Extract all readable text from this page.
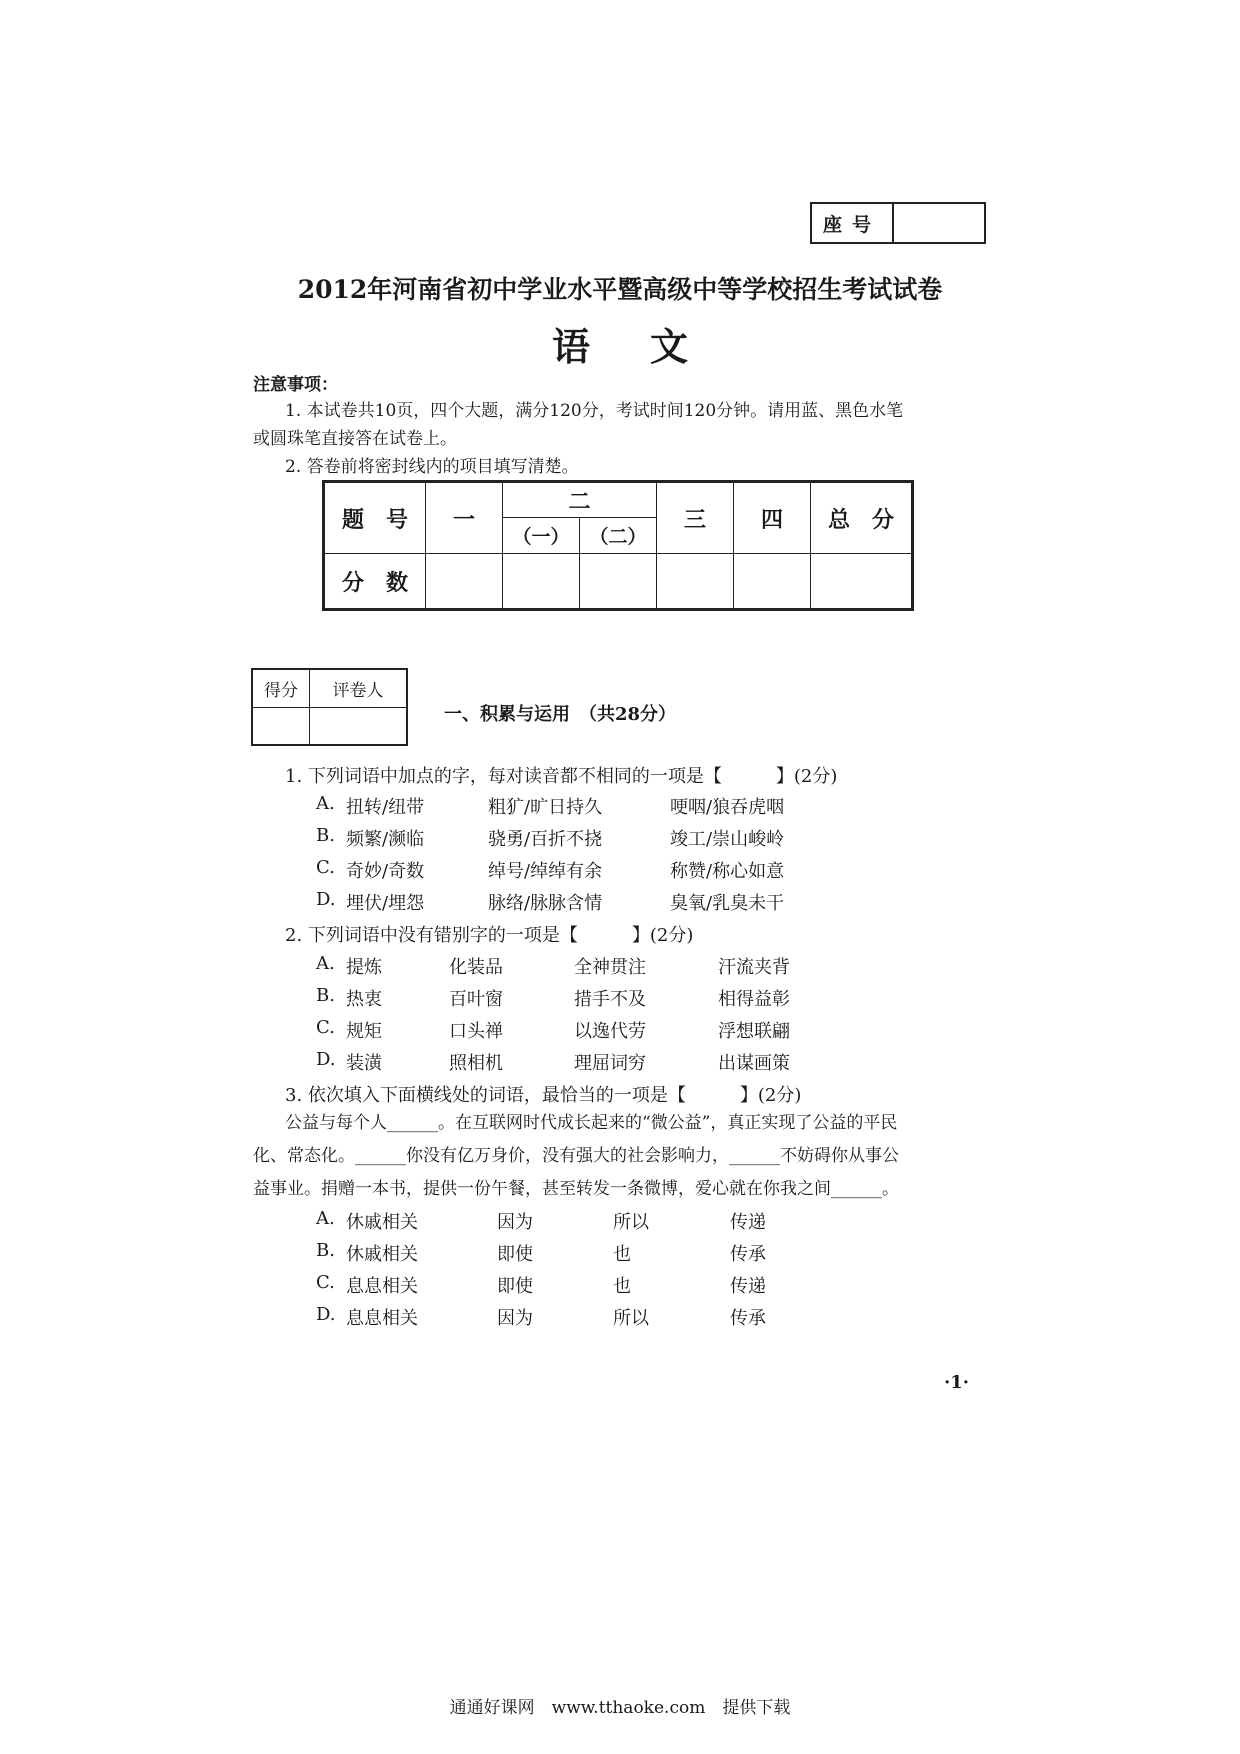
座号
2012年河南省初中学业水平暨高级中等学校招生考试试卷
语文
注意事项：
1. 本试卷共10页，四个大题，满分120分，考试时间120分钟。请用蓝、黑色水笔
或圆珠笔直接答在试卷上。
2. 答卷前将密封线内的项目填写清楚。
题　号	一	二		三	四	总　分
		（一）	（二）			
分　数						
得分	评卷人

一、积累与运用　（共28分）
1. 下列词语中加点的字，每对读音都不相同的一项是【　　　】(2分)
A. 扭转/纽带	粗犷/旷日持久	哽咽/狼吞虎咽
B. 频繁/濒临	骁勇/百折不挠	竣工/崇山峻岭
C. 奇妙/奇数	绰号/绰绰有余	称赞/称心如意
D. 埋伏/埋怨	脉络/脉脉含情	臭氧/乳臭未干
2. 下列词语中没有错别字的一项是【　　　】(2分)
A. 提炼	化装品	全神贯注	汗流夹背
B. 热衷	百叶窗	措手不及	相得益彰
C. 规矩	口头禅	以逸代劳	浮想联翩
D. 装潢	照相机	理屈词穷	出谋画策
3. 依次填入下面横线处的词语，最恰当的一项是【　　　】(2分)
公益与每个人______。在互联网时代成长起来的“微公益”，真正实现了公益的平民
化、常态化。______你没有亿万身价，没有强大的社会影响力，______不妨碍你从事公
益事业。捐赠一本书，提供一份午餐，甚至转发一条微博，爱心就在你我之间______。
A. 休戚相关	因为	所以	传递
B. 休戚相关	即使	也	传承
C. 息息相关	即使	也	传递
D. 息息相关	因为	所以	传承
·1·
通通好课网　www.tthaoke.com　提供下载
